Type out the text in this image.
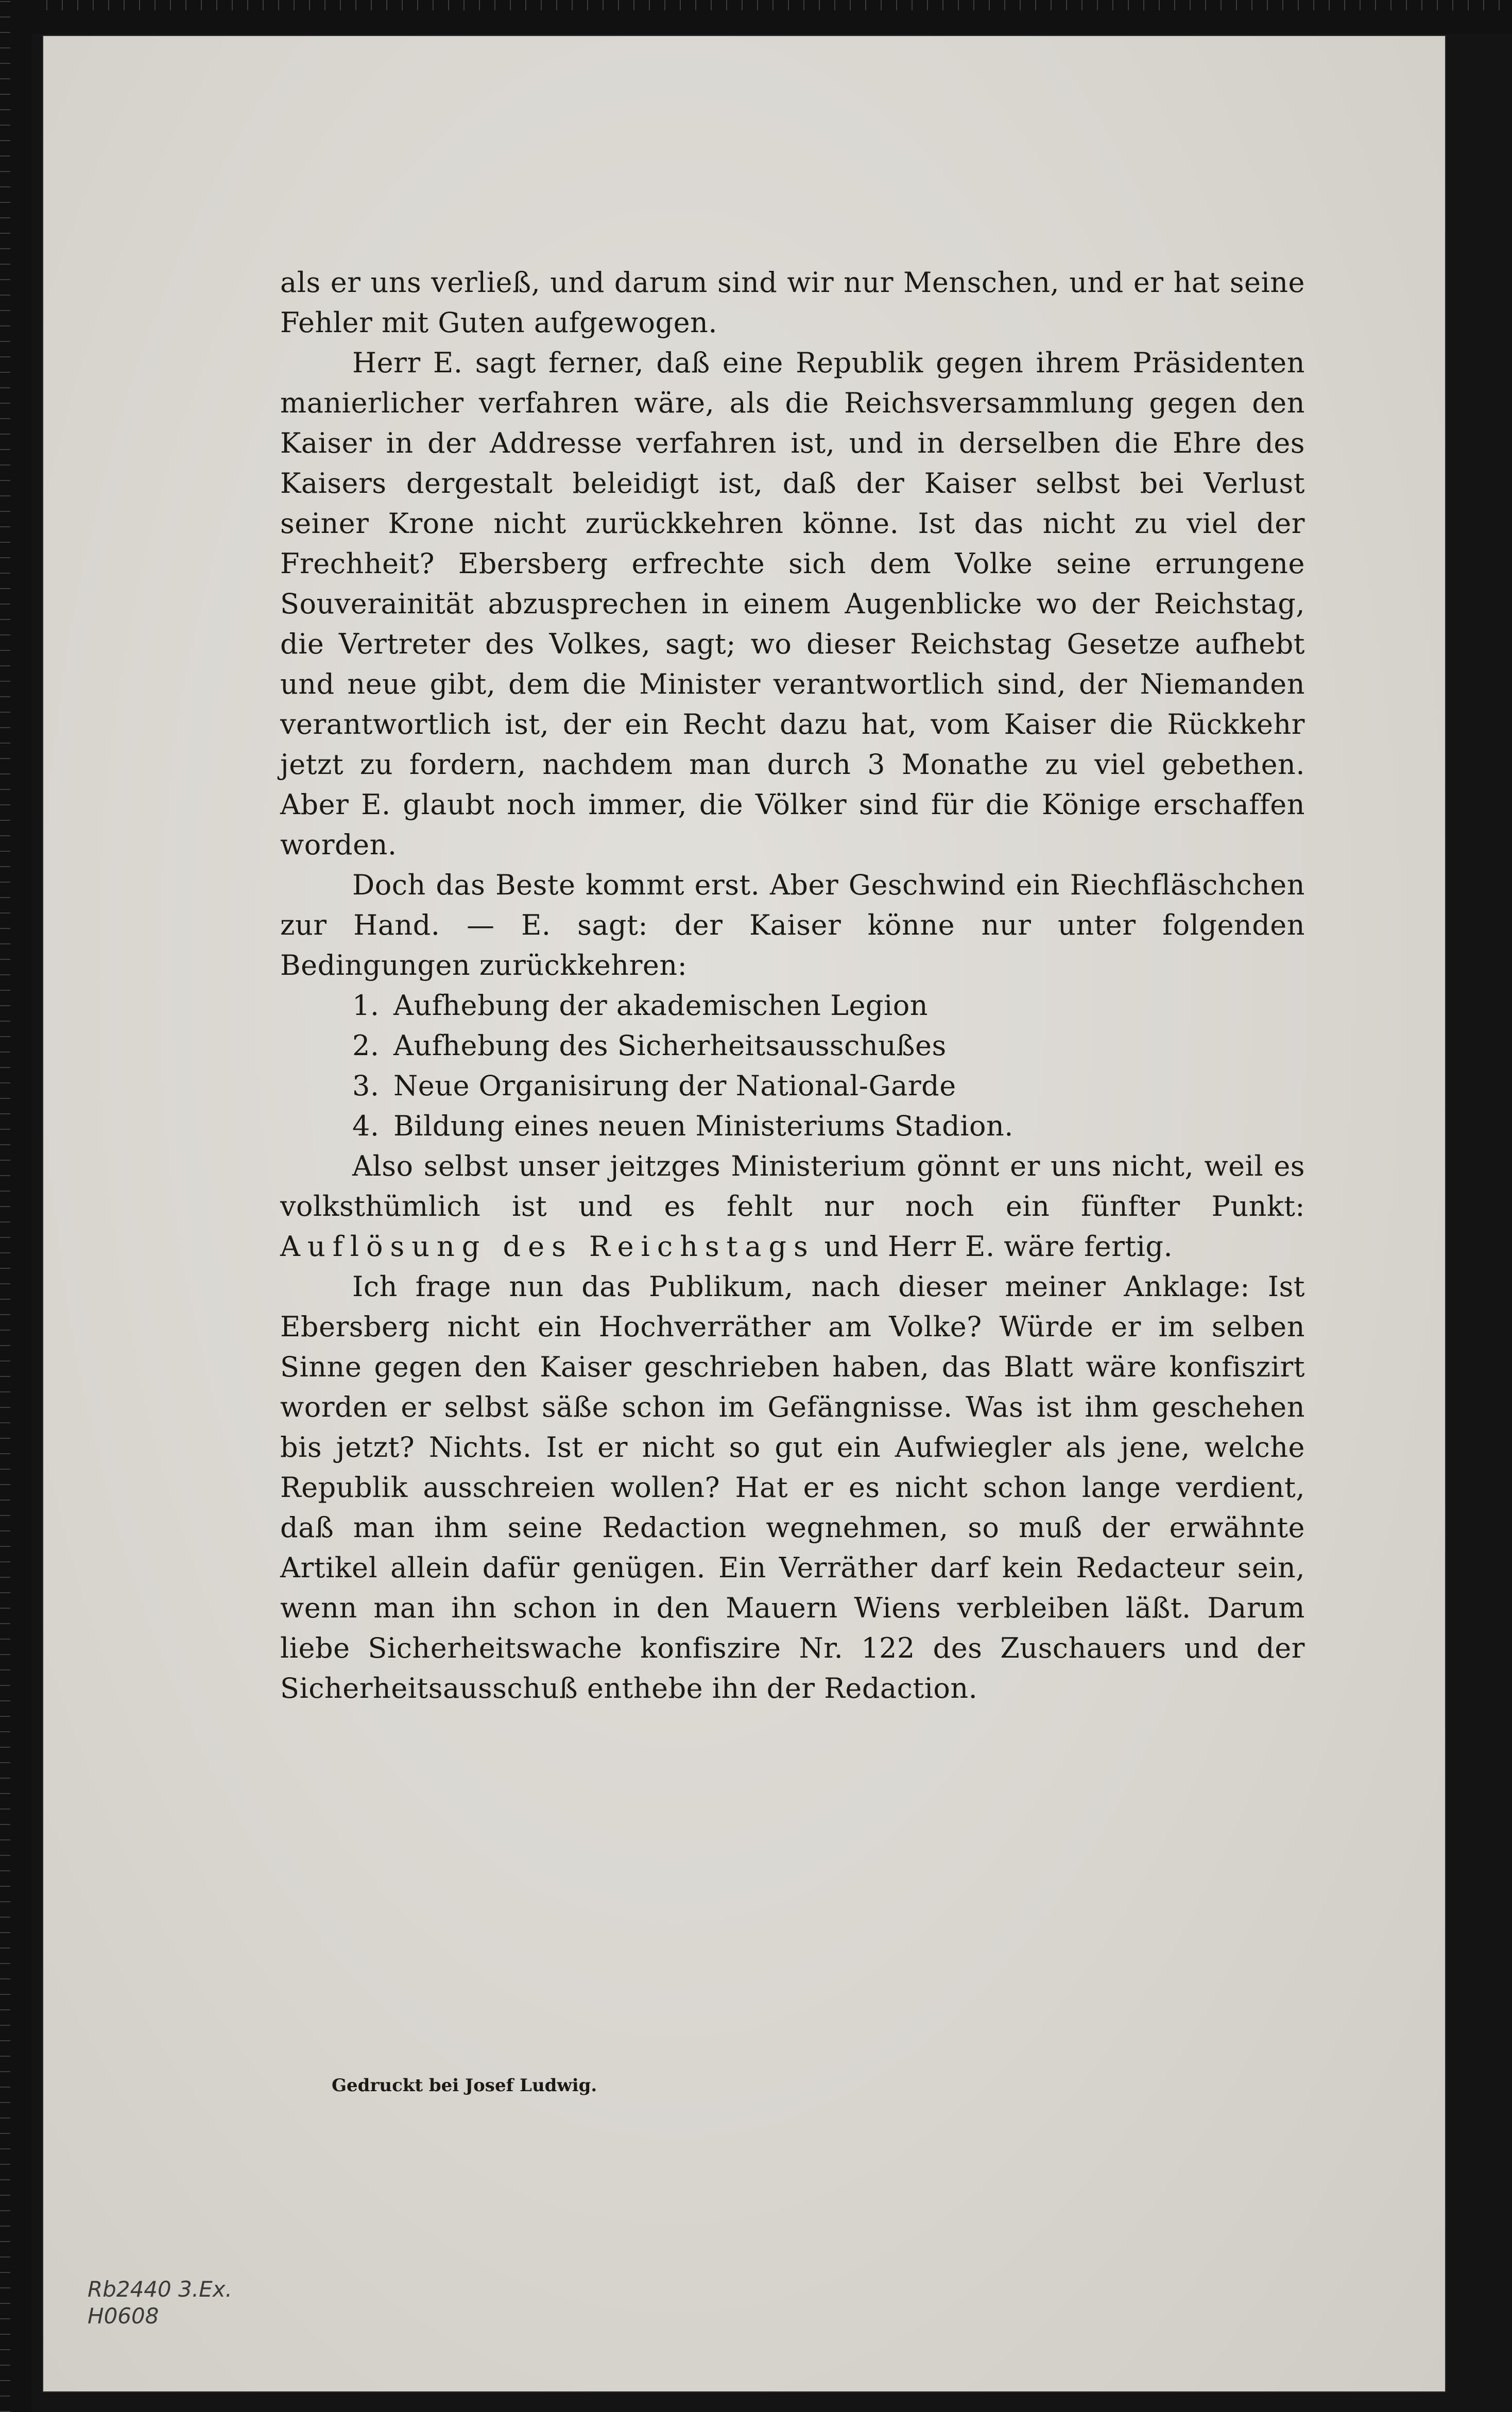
als er uns verließ, und darum sind wir nur Menschen, und er hat seine Fehler mit Guten aufgewogen.

Herr E. sagt ferner, daß eine Republik gegen ihrem Präsidenten manierlicher verfahren wäre, als die Reichsversammlung gegen den Kaiser in der Addresse verfahren ist, und in derselben die Ehre des Kaisers dergestalt beleidigt ist, daß der Kaiser selbst bei Verlust seiner Krone nicht zurückkehren könne. Ist das nicht zu viel der Frechheit? Ebersberg erfrechte sich dem Volke seine errungene Souverainität abzusprechen in einem Augenblicke wo der Reichstag, die Vertreter des Volkes, sagt; wo dieser Reichstag Gesetze aufhebt und neue gibt, dem die Minister verantwortlich sind, der Niemanden verantwortlich ist, der ein Recht dazu hat, vom Kaiser die Rückkehr jetzt zu fordern, nachdem man durch 3 Monathe zu viel gebethen. Aber E. glaubt noch immer, die Völker sind für die Könige erschaffen worden.

Doch das Beste kommt erst. Aber Geschwind ein Riechfläschchen zur Hand. — E. sagt: der Kaiser könne nur unter folgenden Bedingungen zurückkehren:

1. Aufhebung der akademischen Legion
2. Aufhebung des Sicherheitsausschußes
3. Neue Organisirung der National-Garde
4. Bildung eines neuen Ministeriums Stadion.

Also selbst unser jeitzges Ministerium gönnt er uns nicht, weil es volksthümlich ist und es fehlt nur noch ein fünfter Punkt: Auflösung des Reichstags und Herr E. wäre fertig.

Ich frage nun das Publikum, nach dieser meiner Anklage: Ist Ebersberg nicht ein Hochverräther am Volke? Würde er im selben Sinne gegen den Kaiser geschrieben haben, das Blatt wäre konfiszirt worden er selbst säße schon im Gefängnisse. Was ist ihm geschehen bis jetzt? Nichts. Ist er nicht so gut ein Aufwiegler als jene, welche Republik ausschreien wollen? Hat er es nicht schon lange verdient, daß man ihm seine Redaction wegnehmen, so muß der erwähnte Artikel allein dafür genügen. Ein Verräther darf kein Redacteur sein, wenn man ihn schon in den Mauern Wiens verbleiben läßt. Darum liebe Sicherheitswache konfiszire Nr. 122 des Zuschauers und der Sicherheitsausschuß enthebe ihn der Redaction.

Gedruckt bei Josef Ludwig.
Rb2440 3.Ex.
H0608
